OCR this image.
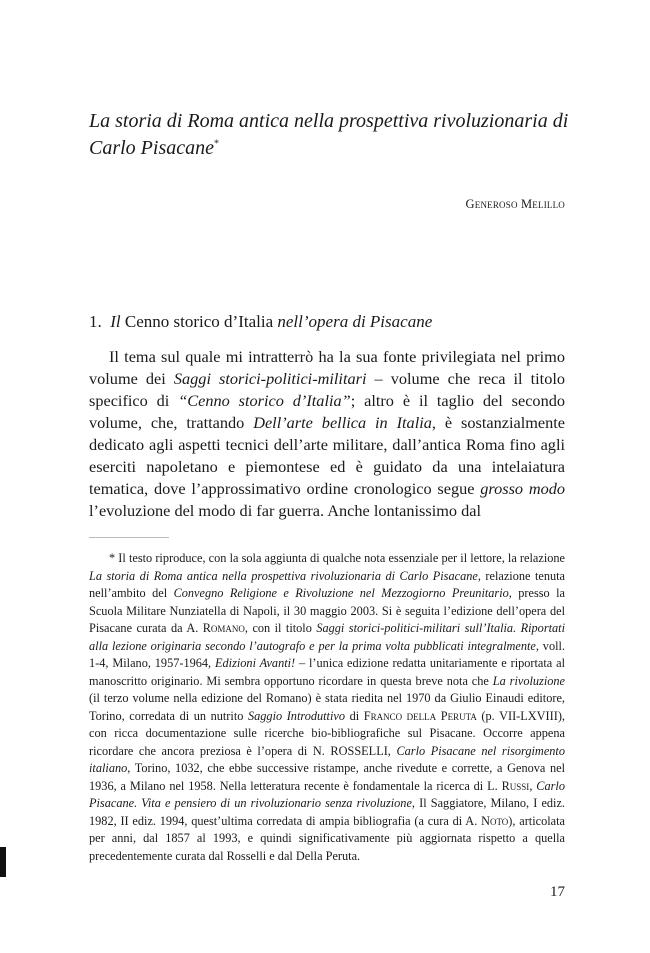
La storia di Roma antica nella prospettiva rivoluzionaria di Carlo Pisacane*
Generoso Melillo
1. Il Cenno storico d’Italia nell’opera di Pisacane

Il tema sul quale mi intratterrò ha la sua fonte privilegiata nel primo volume dei Saggi storici-politici-militari – volume che reca il titolo specifico di “Cenno storico d’Italia”; altro è il taglio del secondo volume, che, trattando Dell’arte bellica in Italia, è sostanzialmente dedicato agli aspetti tecnici dell’arte militare, dall’antica Roma fino agli eserciti napoletano e piemontese ed è guidato da una intelaiatura tematica, dove l’approssimativo ordine cronologico segue grosso modo l’evoluzione del modo di far guerra. Anche lontanissimo dal

* Il testo riproduce, con la sola aggiunta di qualche nota essenziale per il lettore, la relazione La storia di Roma antica nella prospettiva rivoluzionaria di Carlo Pisacane, relazione tenuta nell’ambito del Convegno Religione e Rivoluzione nel Mezzogiorno Preunitario, presso la Scuola Militare Nunziatella di Napoli, il 30 maggio 2003. Si è seguita l’edizione dell’opera del Pisacane curata da A. Romano, con il titolo Saggi storici-politici-militari sull’Italia. Riportati alla lezione originaria secondo l’autografo e per la prima volta pubblicati integralmente, voll. 1-4, Milano, 1957-1964, Edizioni Avanti! – l’unica edizione redatta unitariamente e riportata al manoscritto originario. Mi sembra opportuno ricordare in questa breve nota che La rivoluzione (il terzo volume nella edizione del Romano) è stata riedita nel 1970 da Giulio Einaudi editore, Torino, corredata di un nutrito Saggio Introduttivo di Franco della Peruta (p. VII-LXVIII), con ricca documentazione sulle ricerche bio-bibliografiche sul Pisacane. Occorre appena ricordare che ancora preziosa è l’opera di N. ROSSELLI, Carlo Pisacane nel risorgimento italiano, Torino, 1032, che ebbe successive ristampe, anche rivedute e corrette, a Genova nel 1936, a Milano nel 1958. Nella letteratura recente è fondamentale la ricerca di L. Russi, Carlo Pisacane. Vita e pensiero di un rivoluzionario senza rivoluzione, Il Saggiatore, Milano, I ediz. 1982, II ediz. 1994, quest’ultima corredata di ampia bibliografia (a cura di A. Noto), articolata per anni, dal 1857 al 1993, e quindi significativamente più aggiornata rispetto a quella precedentemente curata dal Rosselli e dal Della Peruta.

17
